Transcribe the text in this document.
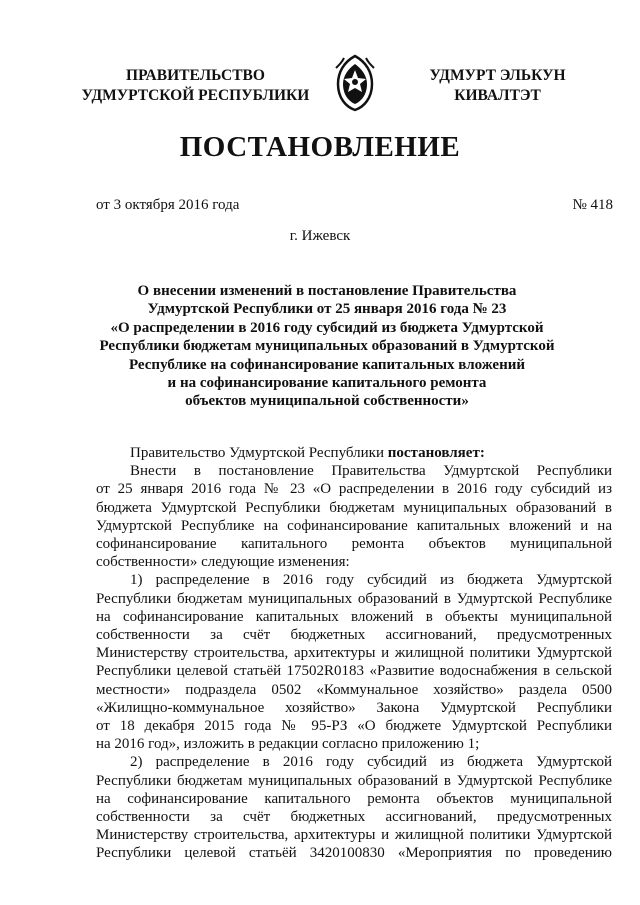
ПРАВИТЕЛЬСТВО
УДМУРТСКОЙ РЕСПУБЛИКИ
УДМУРТ ЭЛЬКУН
КИВАЛТЭТ
ПОСТАНОВЛЕНИЕ
от 3 октября 2016 года	№ 418
г. Ижевск
О внесении изменений в постановление Правительства
Удмуртской Республики от 25 января 2016 года № 23
«О распределении в 2016 году субсидий из бюджета Удмуртской
Республики бюджетам муниципальных образований в Удмуртской
Республике на софинансирование капитальных вложений
и на софинансирование капитального ремонта
объектов муниципальной собственности»
Правительство Удмуртской Республики постановляет:
Внести в постановление Правительства Удмуртской Республики
от 25 января 2016 года № 23 «О распределении в 2016 году субсидий из
бюджета Удмуртской Республики бюджетам муниципальных образований в
Удмуртской Республике на софинансирование капитальных вложений и на
софинансирование капитального ремонта объектов муниципальной
собственности» следующие изменения:
1) распределение в 2016 году субсидий из бюджета Удмуртской
Республики бюджетам муниципальных образований в Удмуртской Республике
на софинансирование капитальных вложений в объекты муниципальной
собственности за счёт бюджетных ассигнований, предусмотренных
Министерству строительства, архитектуры и жилищной политики Удмуртской
Республики целевой статьёй 17502R0183 «Развитие водоснабжения в сельской
местности» подраздела 0502 «Коммунальное хозяйство» раздела 0500
«Жилищно-коммунальное хозяйство» Закона Удмуртской Республики
от 18 декабря 2015 года № 95-РЗ «О бюджете Удмуртской Республики
на 2016 год», изложить в редакции согласно приложению 1;
2) распределение в 2016 году субсидий из бюджета Удмуртской
Республики бюджетам муниципальных образований в Удмуртской Республике
на софинансирование капитального ремонта объектов муниципальной
собственности за счёт бюджетных ассигнований, предусмотренных
Министерству строительства, архитектуры и жилищной политики Удмуртской
Республики целевой статьёй 3420100830 «Мероприятия по проведению
